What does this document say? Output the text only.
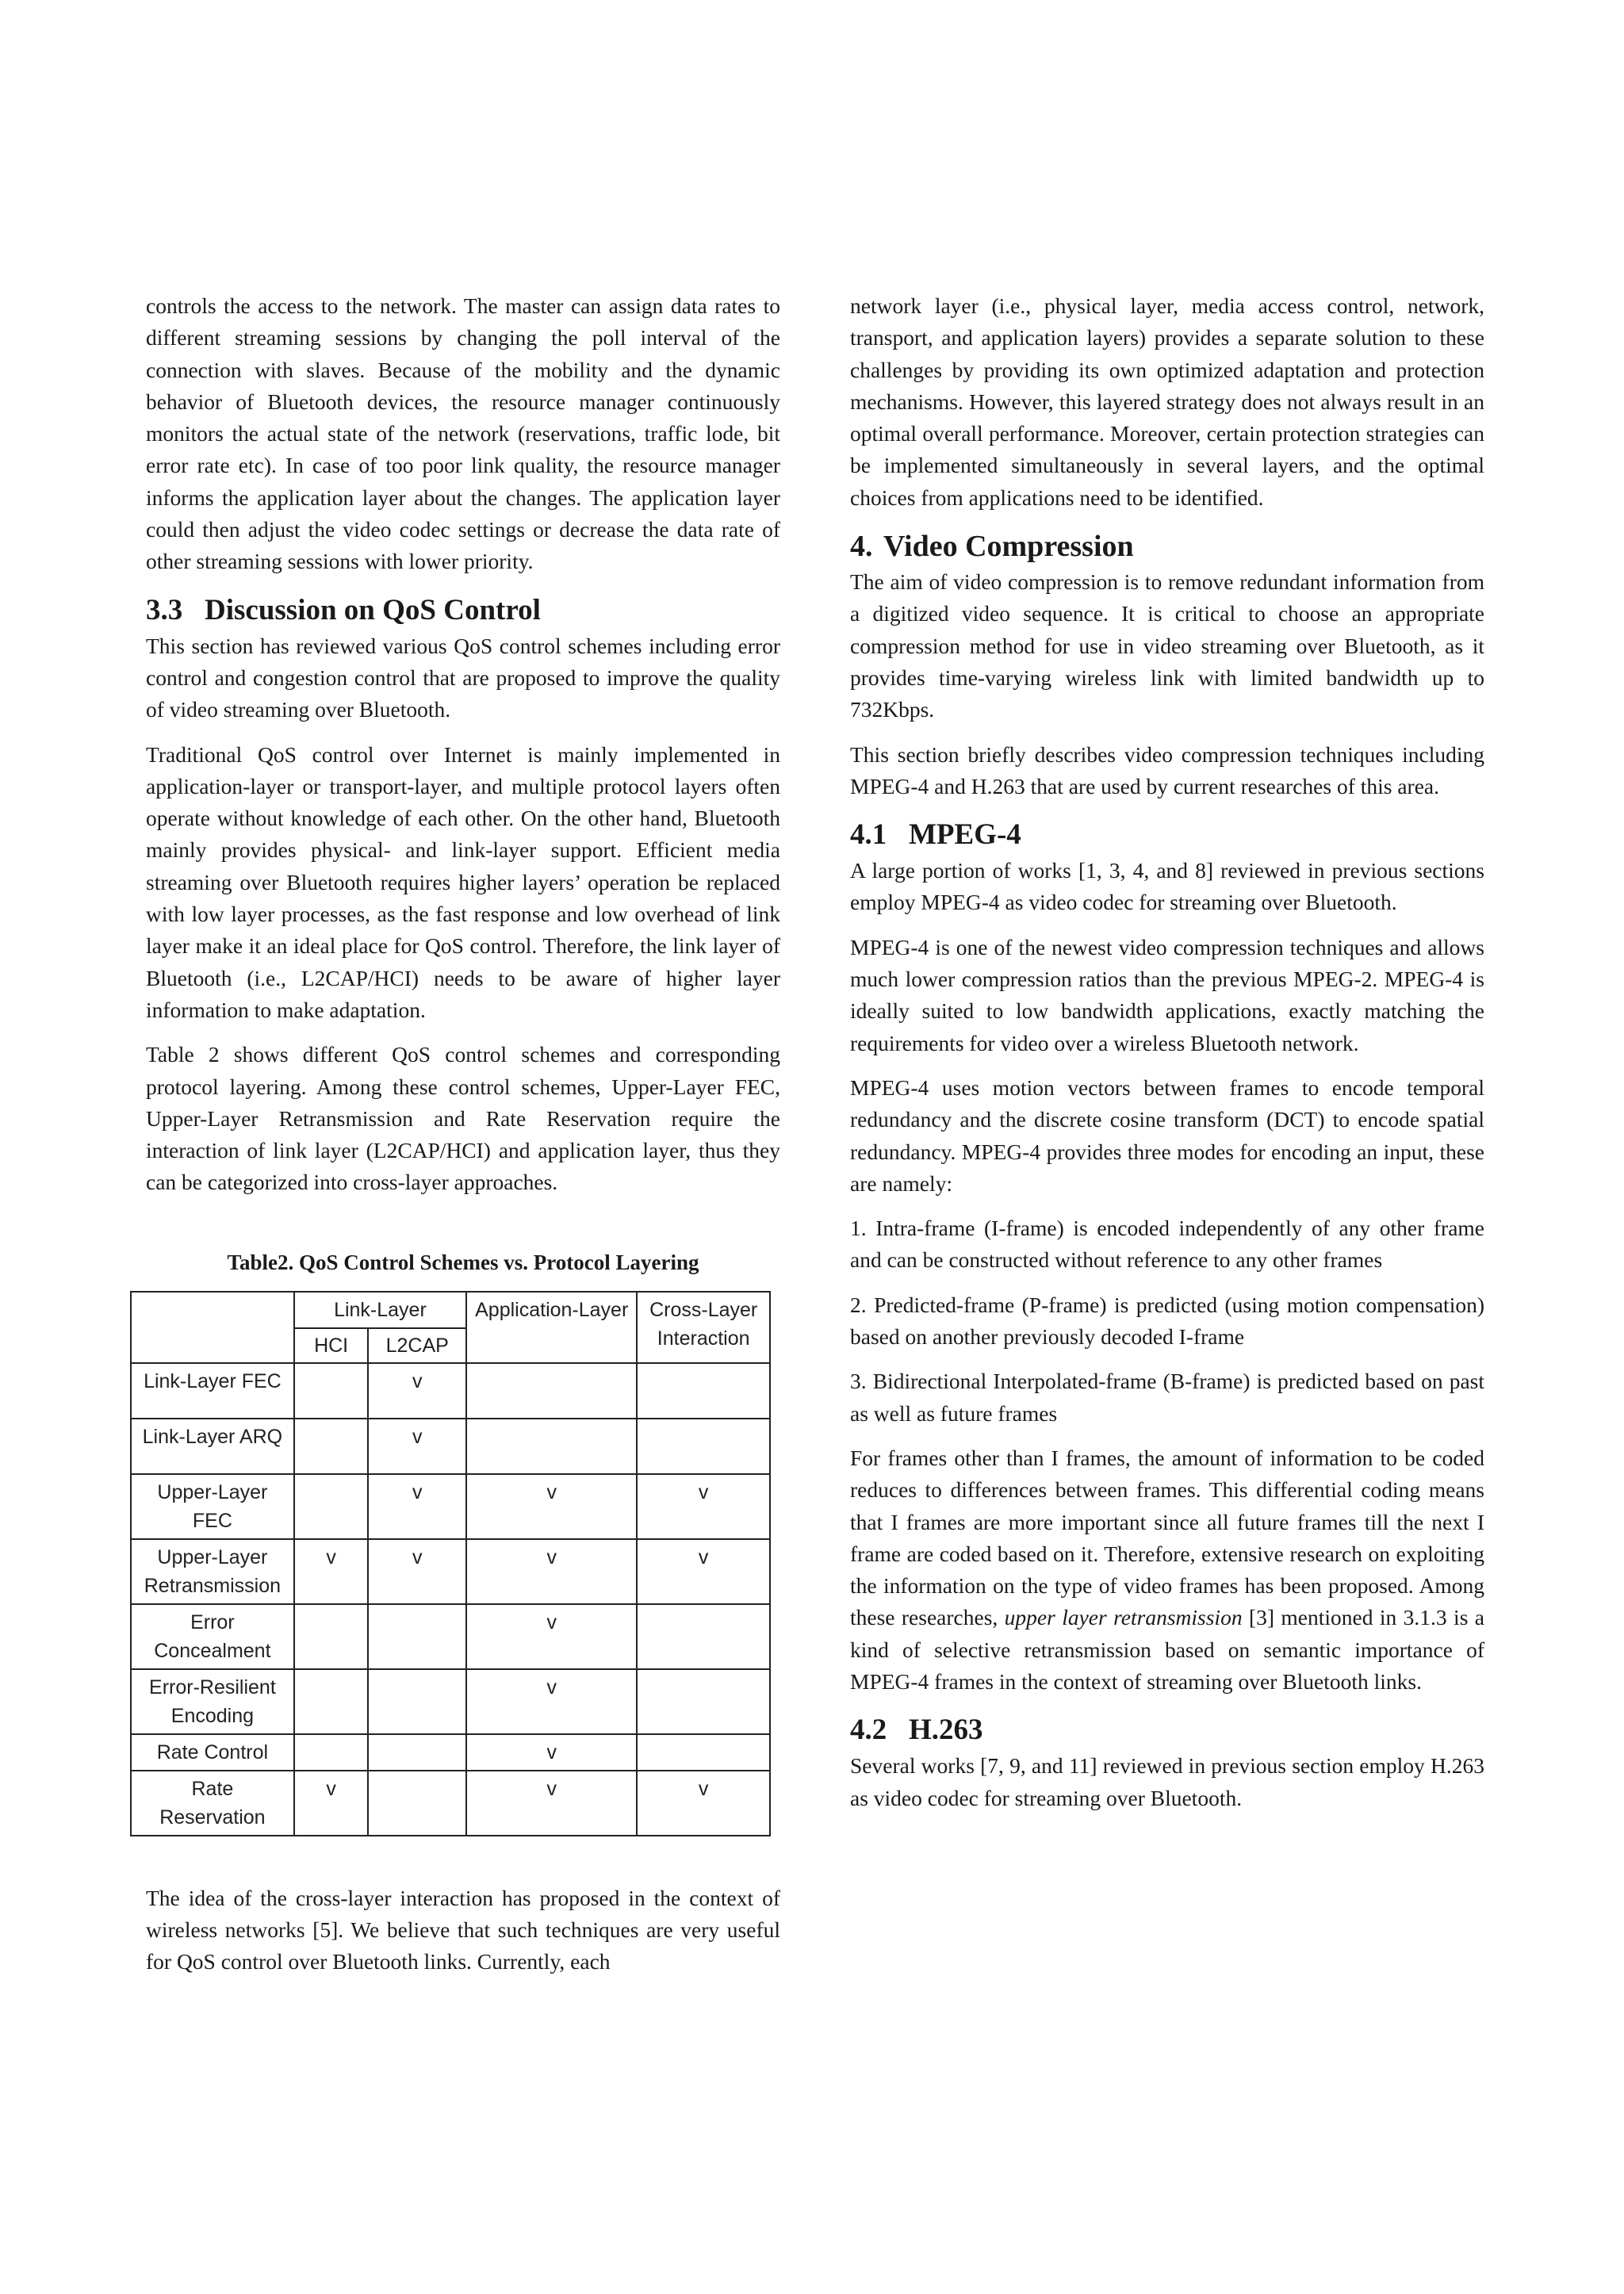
controls the access to the network. The master can assign data rates to different streaming sessions by changing the poll interval of the connection with slaves. Because of the mobility and the dynamic behavior of Bluetooth devices, the resource manager continuously monitors the actual state of the network (reservations, traffic lode, bit error rate etc). In case of too poor link quality, the resource manager informs the application layer about the changes. The application layer could then adjust the video codec settings or decrease the data rate of other streaming sessions with lower priority.

3.3 Discussion on QoS Control

This section has reviewed various QoS control schemes including error control and congestion control that are proposed to improve the quality of video streaming over Bluetooth.

Traditional QoS control over Internet is mainly implemented in application-layer or transport-layer, and multiple protocol layers often operate without knowledge of each other. On the other hand, Bluetooth mainly provides physical- and link-layer support. Efficient media streaming over Bluetooth requires higher layers’ operation be replaced with low layer processes, as the fast response and low overhead of link layer make it an ideal place for QoS control. Therefore, the link layer of Bluetooth (i.e., L2CAP/HCI) needs to be aware of higher layer information to make adaptation.

Table 2 shows different QoS control schemes and corresponding protocol layering. Among these control schemes, Upper-Layer FEC, Upper-Layer Retransmission and Rate Reservation require the interaction of link layer (L2CAP/HCI) and application layer, thus they can be categorized into cross-layer approaches.

Table2. QoS Control Schemes vs. Protocol Layering
	Link-Layer		Application-Layer	Cross-Layer Interaction
	HCI	L2CAP		
Link-Layer FEC		v		
Link-Layer ARQ		v		
Upper-Layer FEC		v	v	v
Upper-Layer Retransmission	v	v	v	v
Error Concealment			v	
Error-Resilient Encoding			v	
Rate Control			v	
Rate Reservation	v		v	v

The idea of the cross-layer interaction has proposed in the context of wireless networks [5]. We believe that such techniques are very useful for QoS control over Bluetooth links. Currently, each

network layer (i.e., physical layer, media access control, network, transport, and application layers) provides a separate solution to these challenges by providing its own optimized adaptation and protection mechanisms. However, this layered strategy does not always result in an optimal overall performance. Moreover, certain protection strategies can be implemented simultaneously in several layers, and the optimal choices from applications need to be identified.

4. Video Compression

The aim of video compression is to remove redundant information from a digitized video sequence. It is critical to choose an appropriate compression method for use in video streaming over Bluetooth, as it provides time-varying wireless link with limited bandwidth up to 732Kbps.

This section briefly describes video compression techniques including MPEG-4 and H.263 that are used by current researches of this area.

4.1 MPEG-4

A large portion of works [1, 3, 4, and 8] reviewed in previous sections employ MPEG-4 as video codec for streaming over Bluetooth.

MPEG-4 is one of the newest video compression techniques and allows much lower compression ratios than the previous MPEG-2. MPEG-4 is ideally suited to low bandwidth applications, exactly matching the requirements for video over a wireless Bluetooth network.

MPEG-4 uses motion vectors between frames to encode temporal redundancy and the discrete cosine transform (DCT) to encode spatial redundancy. MPEG-4 provides three modes for encoding an input, these are namely:

1. Intra-frame (I-frame) is encoded independently of any other frame and can be constructed without reference to any other frames

2. Predicted-frame (P-frame) is predicted (using motion compensation) based on another previously decoded I-frame

3. Bidirectional Interpolated-frame (B-frame) is predicted based on past as well as future frames

For frames other than I frames, the amount of information to be coded reduces to differences between frames. This differential coding means that I frames are more important since all future frames till the next I frame are coded based on it. Therefore, extensive research on exploiting the information on the type of video frames has been proposed. Among these researches, upper layer retransmission [3] mentioned in 3.1.3 is a kind of selective retransmission based on semantic importance of MPEG-4 frames in the context of streaming over Bluetooth links.

4.2 H.263

Several works [7, 9, and 11] reviewed in previous section employ H.263 as video codec for streaming over Bluetooth.
